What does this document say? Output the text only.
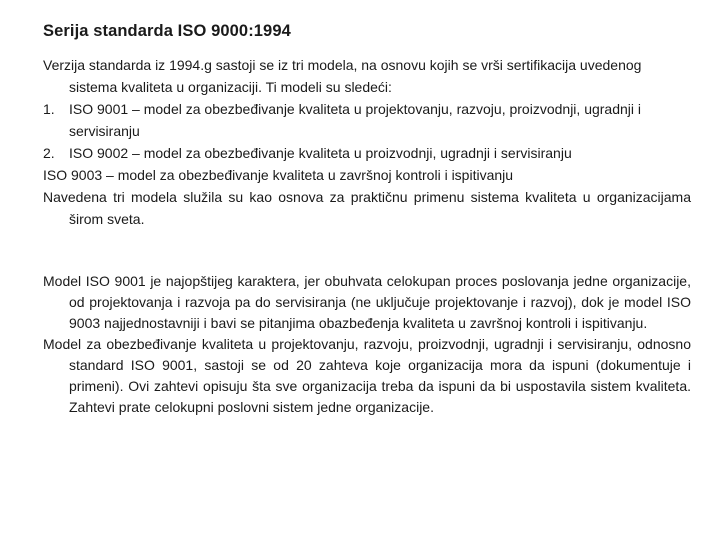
Serija standarda ISO 9000:1994

Verzija standarda iz 1994.g sastoji se iz tri modela, na osnovu kojih se vrši sertifikacija uvedenog sistema kvaliteta u organizaciji. Ti modeli su sledeći:

1. ISO 9001 – model za obezbeđivanje kvaliteta u projektovanju, razvoju, proizvodnji, ugradnji i servisiranju

2. ISO 9002 – model za obezbeđivanje kvaliteta u proizvodnji, ugradnji i servisiranju

ISO 9003 – model za obezbeđivanje kvaliteta u završnoj kontroli i ispitivanju

Navedena tri modela služila su kao osnova za praktičnu primenu sistema kvaliteta u organizacijama širom sveta.

Model ISO 9001 je najopštijeg karaktera, jer obuhvata celokupan proces poslovanja jedne organizacije, od projektovanja i razvoja pa do servisiranja (ne uključuje projektovanje i razvoj), dok je model ISO 9003 najjednostavniji i bavi se pitanjima obazbeđenja kvaliteta u završnoj kontroli i ispitivanju.

Model za obezbeđivanje kvaliteta u projektovanju, razvoju, proizvodnji, ugradnji i servisiranju, odnosno standard ISO 9001, sastoji se od 20 zahteva koje organizacija mora da ispuni (dokumentuje i primeni). Ovi zahtevi opisuju šta sve organizacija treba da ispuni da bi uspostavila sistem kvaliteta. Zahtevi prate celokupni poslovni sistem jedne organizacije.
